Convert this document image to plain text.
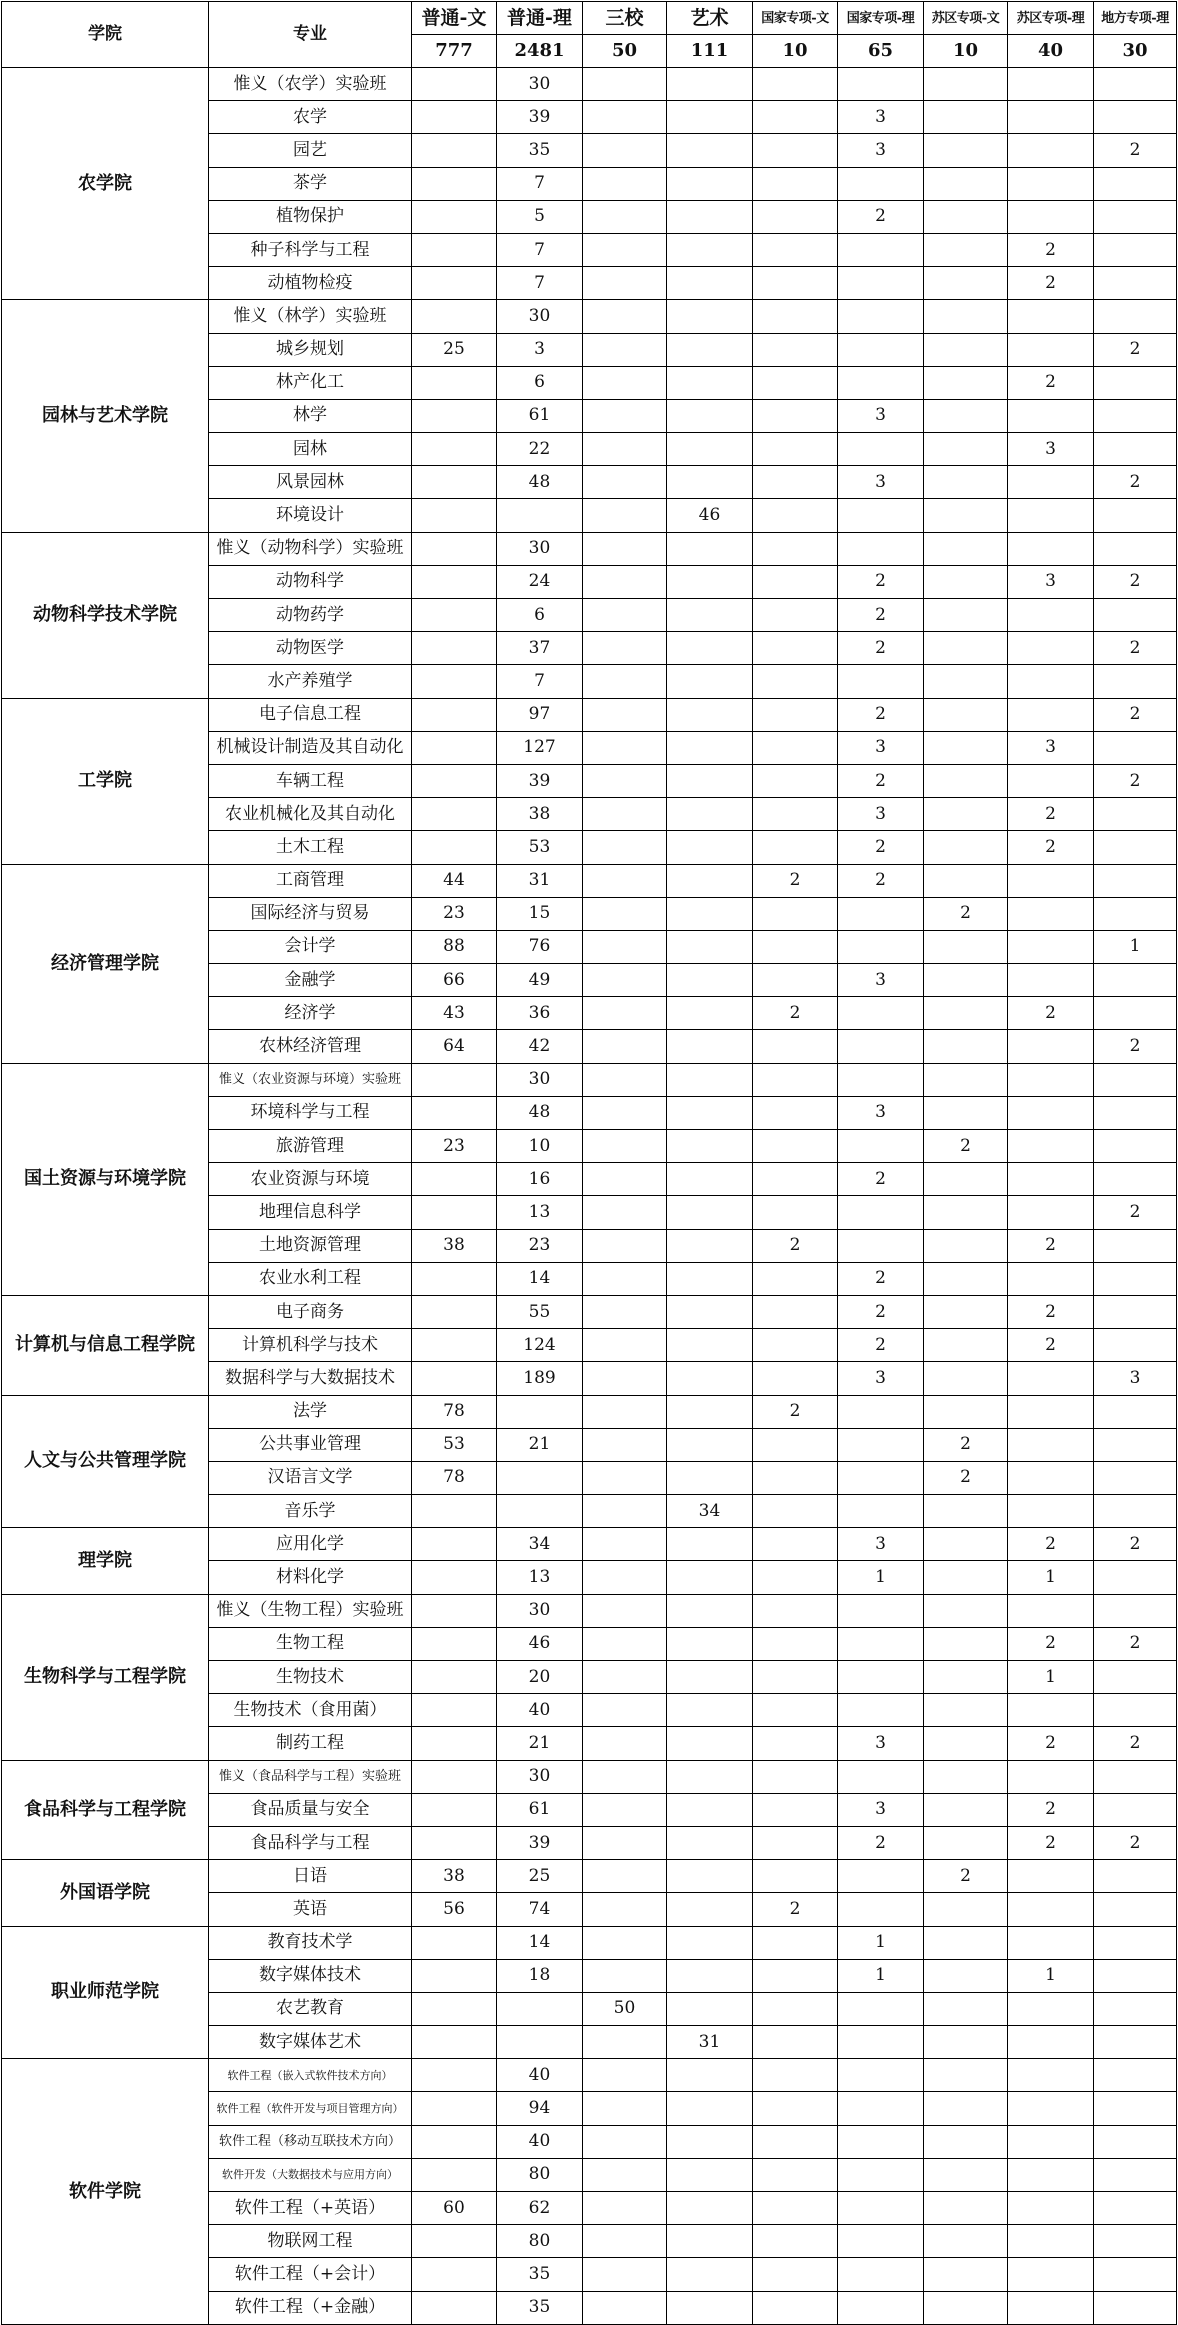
学院	专业	普通-文	普通-理	三校	艺术	国家专项-文	国家专项-理	苏区专项-文	苏区专项-理	地方专项-理
		777	2481	50	111	10	65	10	40	30
农学院	惟义（农学）实验班		30							
	农学		39				3			
	园艺		35				3			2
	茶学		7							
	植物保护		5				2			
	种子科学与工程		7						2	
	动植物检疫		7						2	
园林与艺术学院	惟义（林学）实验班		30							
	城乡规划	25	3							2
	林产化工		6						2	
	林学		61				3			
	园林		22						3	
	风景园林		48				3			2
	环境设计				46					
动物科学技术学院	惟义（动物科学）实验班		30							
	动物科学		24				2		3	2
	动物药学		6				2			
	动物医学		37				2			2
	水产养殖学		7							
工学院	电子信息工程		97				2			2
	机械设计制造及其自动化		127				3		3	
	车辆工程		39				2			2
	农业机械化及其自动化		38				3		2	
	土木工程		53				2		2	
经济管理学院	工商管理	44	31			2	2			
	国际经济与贸易	23	15					2		
	会计学	88	76							1
	金融学	66	49				3			
	经济学	43	36			2			2	
	农林经济管理	64	42							2
国土资源与环境学院	惟义（农业资源与环境）实验班		30							
	环境科学与工程		48				3			
	旅游管理	23	10					2		
	农业资源与环境		16				2			
	地理信息科学		13							2
	土地资源管理	38	23			2			2	
	农业水利工程		14				2			
计算机与信息工程学院	电子商务		55				2		2	
	计算机科学与技术		124				2		2	
	数据科学与大数据技术		189				3			3
人文与公共管理学院	法学	78				2				
	公共事业管理	53	21					2		
	汉语言文学	78						2		
	音乐学				34					
理学院	应用化学		34				3		2	2
	材料化学		13				1		1	
生物科学与工程学院	惟义（生物工程）实验班		30							
	生物工程		46						2	2
	生物技术		20						1	
	生物技术（食用菌）		40							
	制药工程		21				3		2	2
食品科学与工程学院	惟义（食品科学与工程）实验班		30							
	食品质量与安全		61				3		2	
	食品科学与工程		39				2		2	2
外国语学院	日语	38	25					2		
	英语	56	74			2				
职业师范学院	教育技术学		14				1			
	数字媒体技术		18				1		1	
	农艺教育			50						
	数字媒体艺术				31					
软件学院	软件工程（嵌入式软件技术方向）		40							
	软件工程（软件开发与项目管理方向）		94							
	软件工程（移动互联技术方向）		40							
	软件开发（大数据技术与应用方向）		80							
	软件工程（+英语）	60	62							
	物联网工程		80							
	软件工程（+会计）		35							
	软件工程（+金融）		35							
